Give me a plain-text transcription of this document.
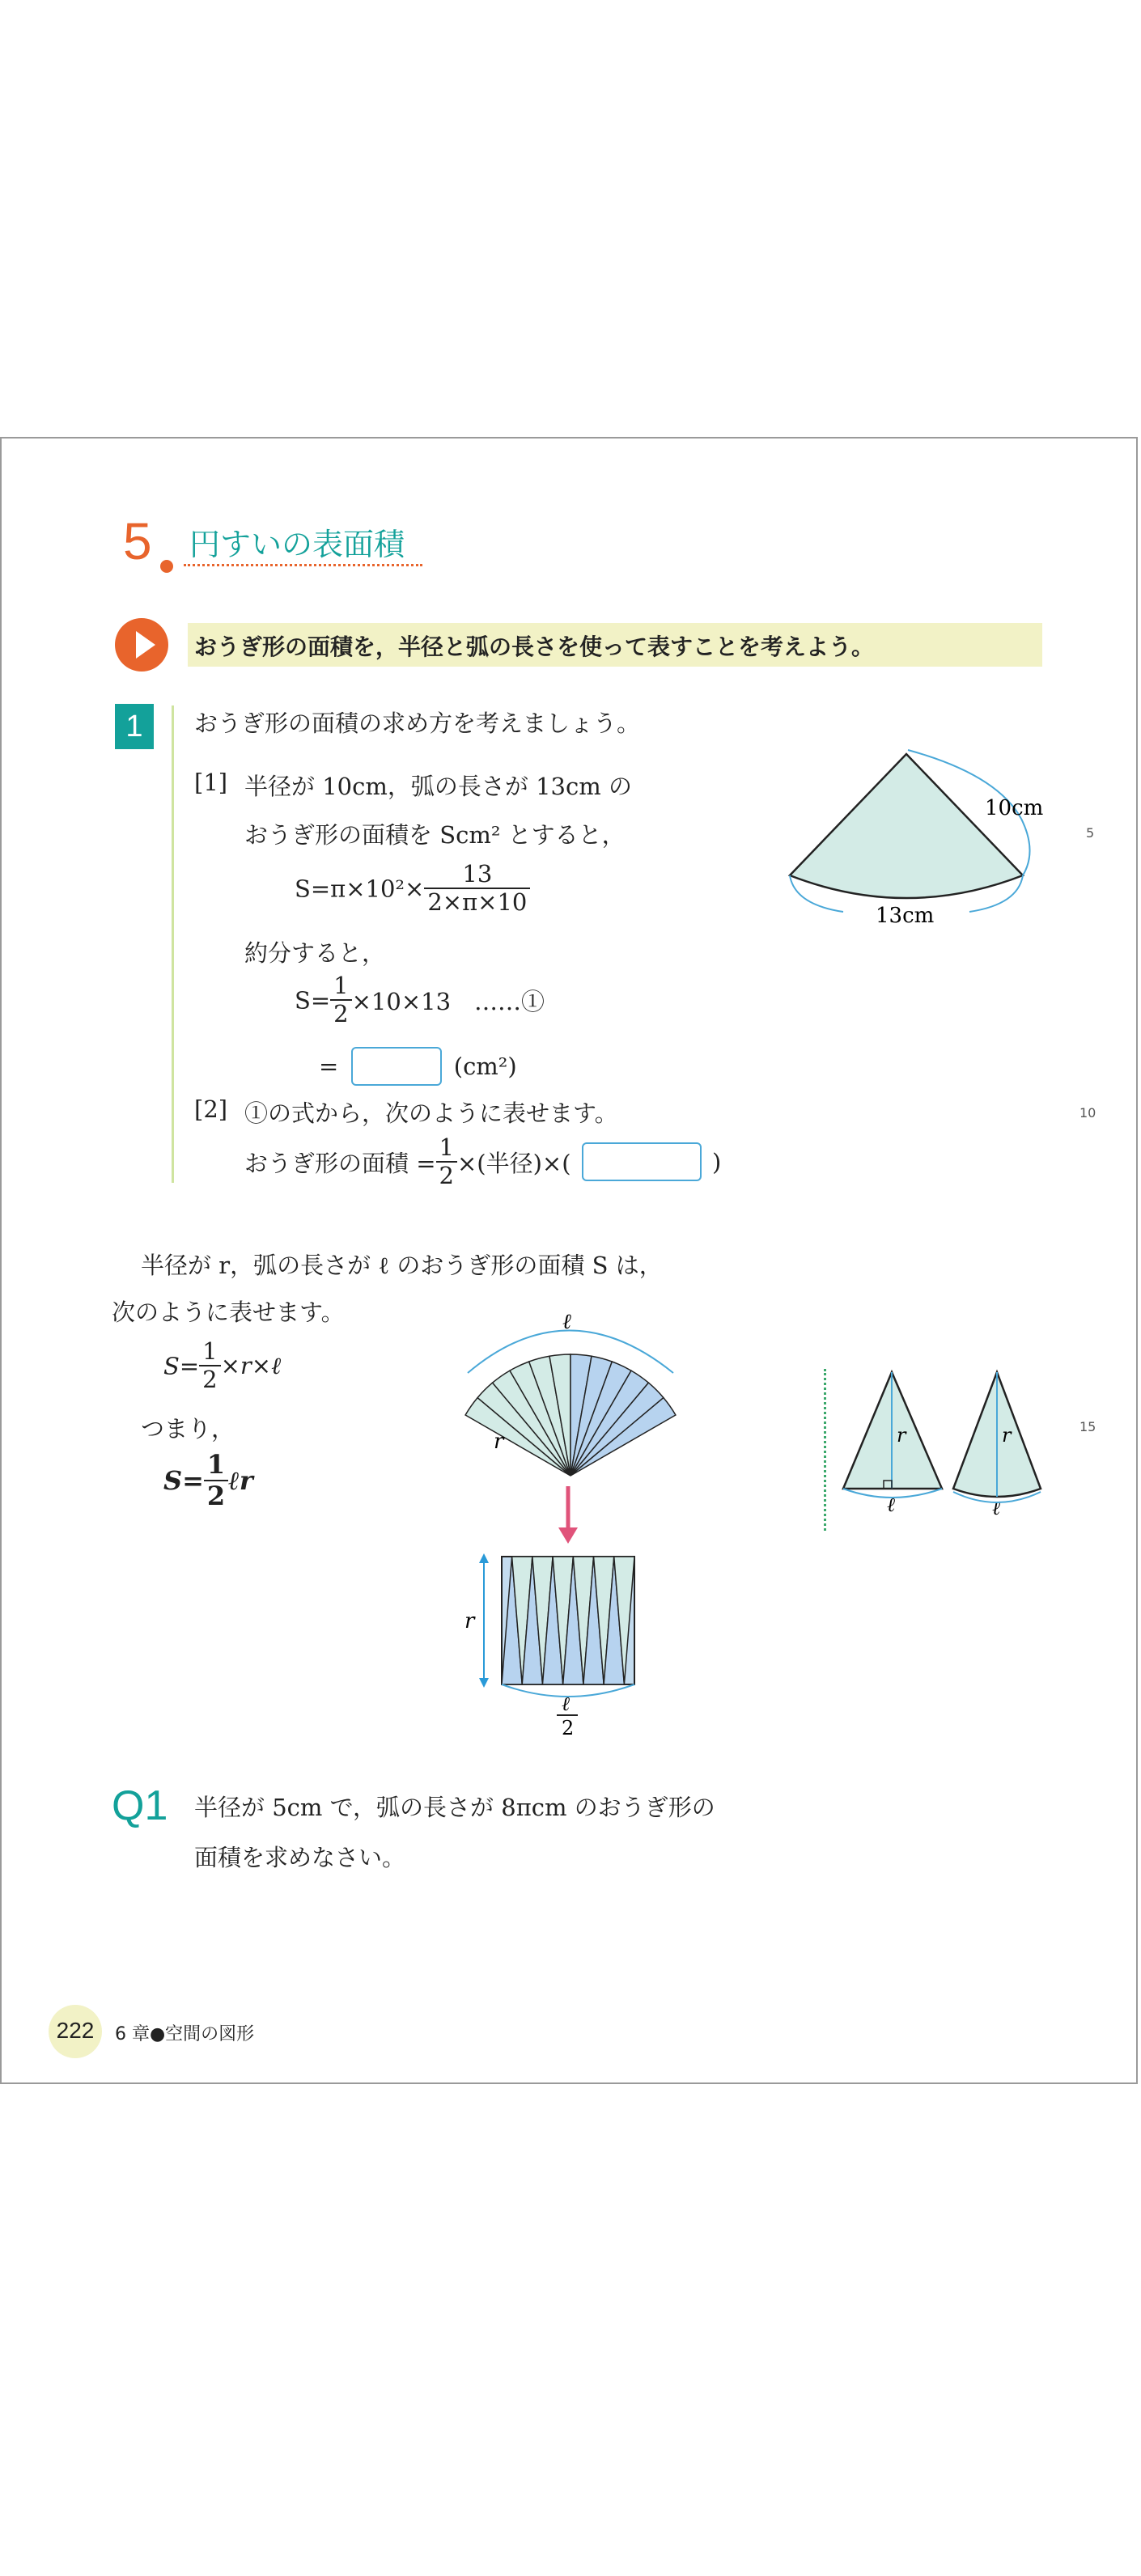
5 円すいの表面積
おうぎ形の面積を，半径と弧の長さを使って表すことを考えよう。
1	おうぎ形の面積の求め方を考えましょう。
[1] 半径が 10cm，弧の長さが 13cm の
おうぎ形の面積を Scm² とすると，
$S=\pi\times 10^2\times \frac{13}{2\times\pi\times 10}$
約分すると，
$S= \frac{1}{2} \times 10\times 13$　……①
=	(cm²)
[2] ①の式から，次のように表せます。
おうぎ形の面積 = $\frac{1}{2}$ ×(半径)×(	)
10cm
13cm
半径が r，弧の長さが ℓ のおうぎ形の面積 S は，
次のように表せます。
$S= \frac{1}{2}$ ×r×ℓ
つまり，
$S= \frac{1}{2}$ ℓr
ℓ
r
r
ℓ
2
r
ℓ
r
ℓ
Q1 半径が 5cm で，弧の長さが 8πcm のおうぎ形の
面積を求めなさい。
5
10
15
222	6 章●空間の図形
